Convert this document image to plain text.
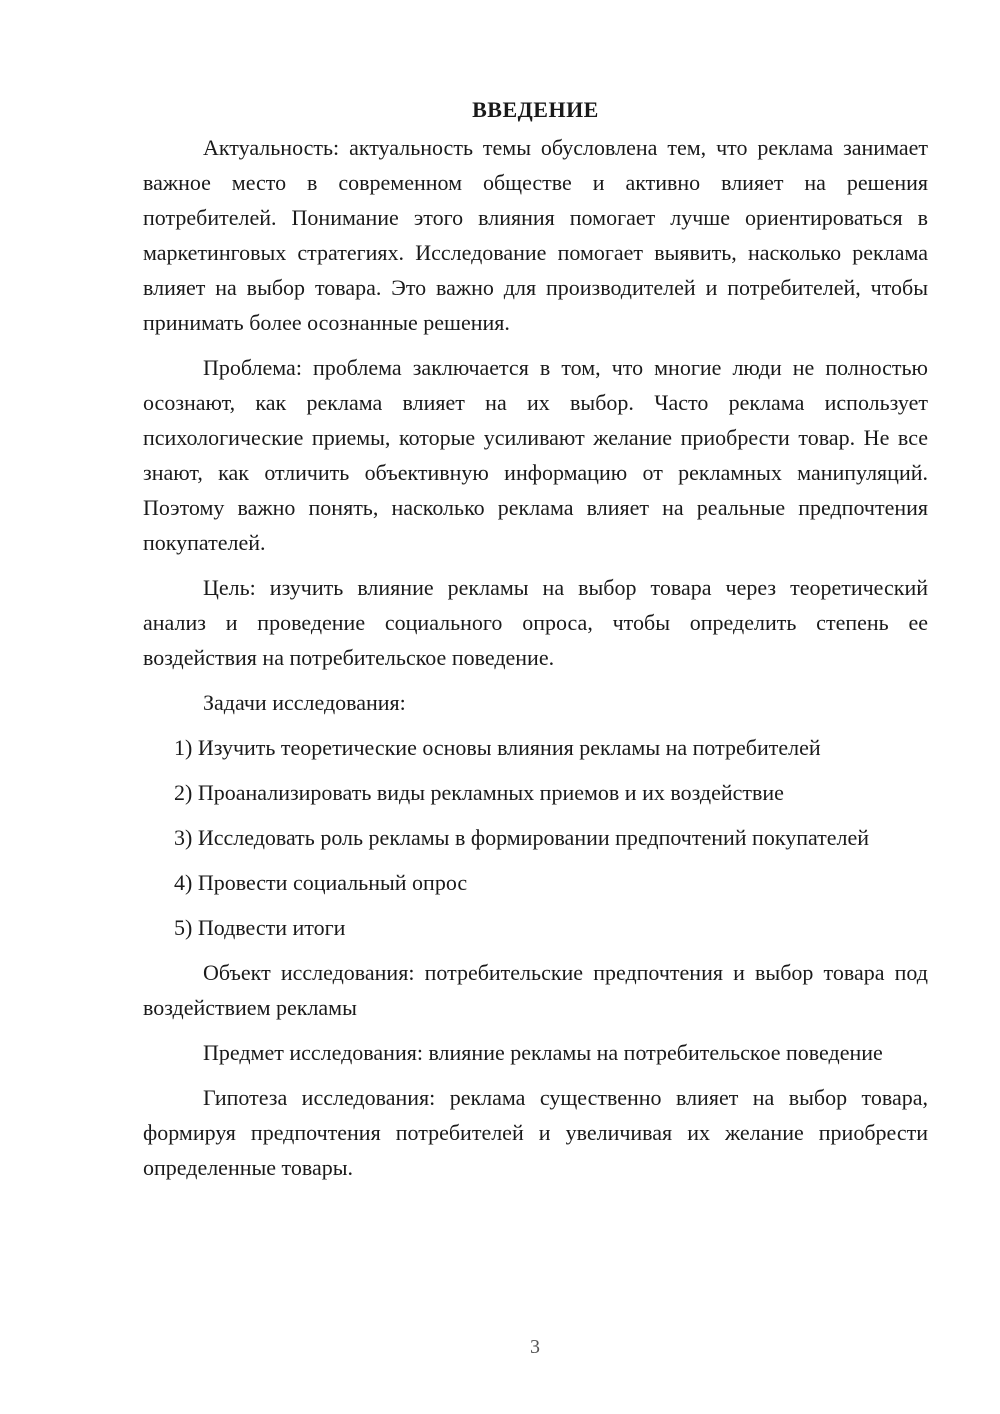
ВВЕДЕНИЕ

Актуальность: актуальность темы обусловлена тем, что реклама занимает важное место в современном обществе и активно влияет на решения потребителей. Понимание этого влияния помогает лучше ориентироваться в маркетинговых стратегиях. Исследование помогает выявить, насколько реклама влияет на выбор товара. Это важно для производителей и потребителей, чтобы принимать более осознанные решения.

Проблема: проблема заключается в том, что многие люди не полностью осознают, как реклама влияет на их выбор. Часто реклама использует психологические приемы, которые усиливают желание приобрести товар. Не все знают, как отличить объективную информацию от рекламных манипуляций. Поэтому важно понять, насколько реклама влияет на реальные предпочтения покупателей.

Цель: изучить влияние рекламы на выбор товара через теоретический анализ и проведение социального опроса, чтобы определить степень ее воздействия на потребительское поведение.

Задачи исследования:

1) Изучить теоретические основы влияния рекламы на потребителей

2) Проанализировать виды рекламных приемов и их воздействие

3) Исследовать роль рекламы в формировании предпочтений покупателей

4) Провести социальный опрос

5) Подвести итоги

Объект исследования: потребительские предпочтения и выбор товара под воздействием рекламы

Предмет исследования: влияние рекламы на потребительское поведение

Гипотеза исследования: реклама существенно влияет на выбор товара, формируя предпочтения потребителей и увеличивая их желание приобрести определенные товары.

3
